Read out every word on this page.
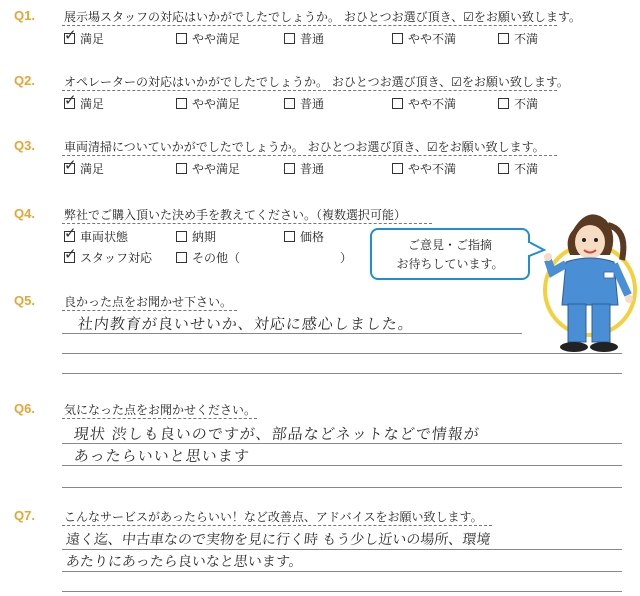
Q1. 展示場スタッフの対応はいかがでしたでしょうか。 おひとつお選び頂き、☑をお願い致します。
✓ 満足	やや満足	普通	やや不満	不満
Q2. オペレーターの対応はいかがでしたでしょうか。 おひとつお選び頂き、☑をお願い致します。
✓ 満足	やや満足	普通	やや不満	不満
Q3. 車両清掃についていかがでしたでしょうか。 おひとつお選び頂き、☑をお願い致します。
✓ 満足	やや満足	普通	やや不満	不満
Q4. 弊社でご購入頂いた決め手を教えてください。（複数選択可能）
✓ 車両状態	納期	価格
✓ スタッフ対応	その他（	）
ご意見・ご指摘
お待ちしています。
Q5. 良かった点をお聞かせ下さい。
社内教育が良いせいか、対応に感心しました。
Q6. 気になった点をお聞かせください。
現状 渋しも良いのですが、部品などネットなどで情報が
あったらいいと思います
Q7. こんなサービスがあったらいい！など改善点、アドバイスをお願い致します。
遠く迄、中古車なので実物を見に行く時 もう少し近いの場所、環境
あたりにあったら良いなと思います。
